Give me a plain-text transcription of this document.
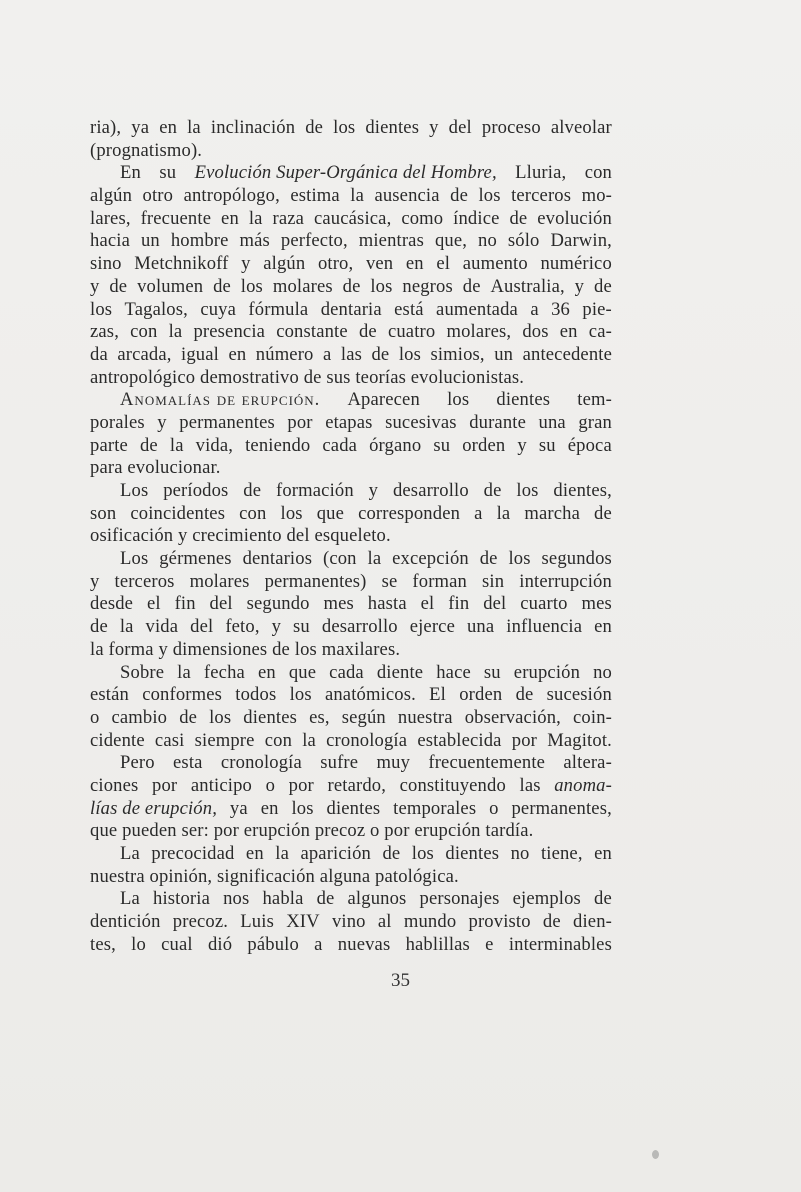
ria), ya en la inclinación de los dientes y del proceso alveolar
(prognatismo).
En su Evolución Super-Orgánica del Hombre, Lluria, con
algún otro antropólogo, estima la ausencia de los terceros mo-
lares, frecuente en la raza caucásica, como índice de evolución
hacia un hombre más perfecto, mientras que, no sólo Darwin,
sino Metchnikoff y algún otro, ven en el aumento numérico
y de volumen de los molares de los negros de Australia, y de
los Tagalos, cuya fórmula dentaria está aumentada a 36 pie-
zas, con la presencia constante de cuatro molares, dos en ca-
da arcada, igual en número a las de los simios, un antecedente
antropológico demostrativo de sus teorías evolucionistas.
Anomalías de erupción. Aparecen los dientes tem-
porales y permanentes por etapas sucesivas durante una gran
parte de la vida, teniendo cada órgano su orden y su época
para evolucionar.
Los períodos de formación y desarrollo de los dientes,
son coincidentes con los que corresponden a la marcha de
osificación y crecimiento del esqueleto.
Los gérmenes dentarios (con la excepción de los segundos
y terceros molares permanentes) se forman sin interrupción
desde el fin del segundo mes hasta el fin del cuarto mes
de la vida del feto, y su desarrollo ejerce una influencia en
la forma y dimensiones de los maxilares.
Sobre la fecha en que cada diente hace su erupción no
están conformes todos los anatómicos. El orden de sucesión
o cambio de los dientes es, según nuestra observación, coin-
cidente casi siempre con la cronología establecida por Magitot.
Pero esta cronología sufre muy frecuentemente altera-
ciones por anticipo o por retardo, constituyendo las anoma-
lías de erupción, ya en los dientes temporales o permanentes,
que pueden ser: por erupción precoz o por erupción tardía.
La precocidad en la aparición de los dientes no tiene, en
nuestra opinión, significación alguna patológica.
La historia nos habla de algunos personajes ejemplos de
dentición precoz. Luis XIV vino al mundo provisto de dien-
tes, lo cual dió pábulo a nuevas hablillas e interminables
35
